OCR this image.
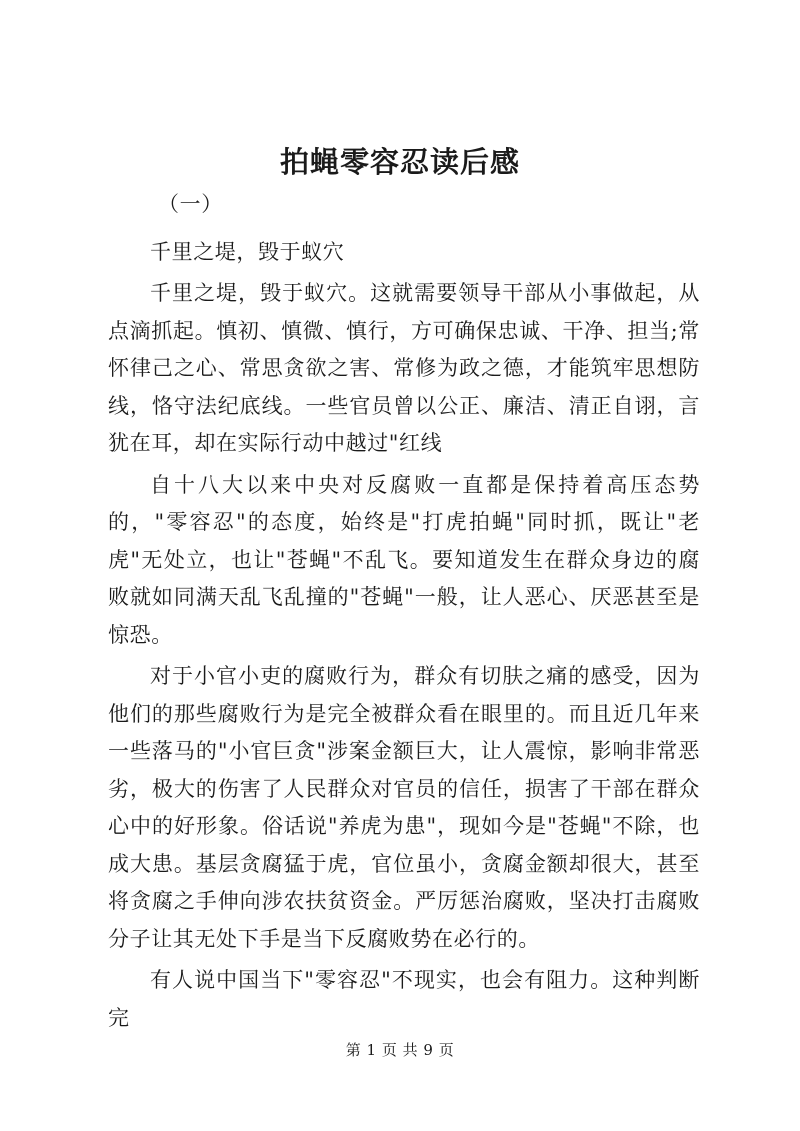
拍蝇零容忍读后感

（一）

千里之堤，毁于蚁穴

千里之堤，毁于蚁穴。这就需要领导干部从小事做起，从点滴抓起。慎初、慎微、慎行，方可确保忠诚、干净、担当;常怀律己之心、常思贪欲之害、常修为政之德，才能筑牢思想防线，恪守法纪底线。一些官员曾以公正、廉洁、清正自诩，言犹在耳，却在实际行动中越过"红线

自十八大以来中央对反腐败一直都是保持着高压态势的，"零容忍"的态度，始终是"打虎拍蝇"同时抓，既让"老虎"无处立，也让"苍蝇"不乱飞。要知道发生在群众身边的腐败就如同满天乱飞乱撞的"苍蝇"一般，让人恶心、厌恶甚至是惊恐。

对于小官小吏的腐败行为，群众有切肤之痛的感受，因为他们的那些腐败行为是完全被群众看在眼里的。而且近几年来一些落马的"小官巨贪"涉案金额巨大，让人震惊，影响非常恶劣，极大的伤害了人民群众对官员的信任，损害了干部在群众心中的好形象。俗话说"养虎为患"，现如今是"苍蝇"不除，也成大患。基层贪腐猛于虎，官位虽小，贪腐金额却很大，甚至将贪腐之手伸向涉农扶贫资金。严厉惩治腐败，坚决打击腐败分子让其无处下手是当下反腐败势在必行的。

有人说中国当下"零容忍"不现实，也会有阻力。这种判断完

第 1 页 共 9 页
